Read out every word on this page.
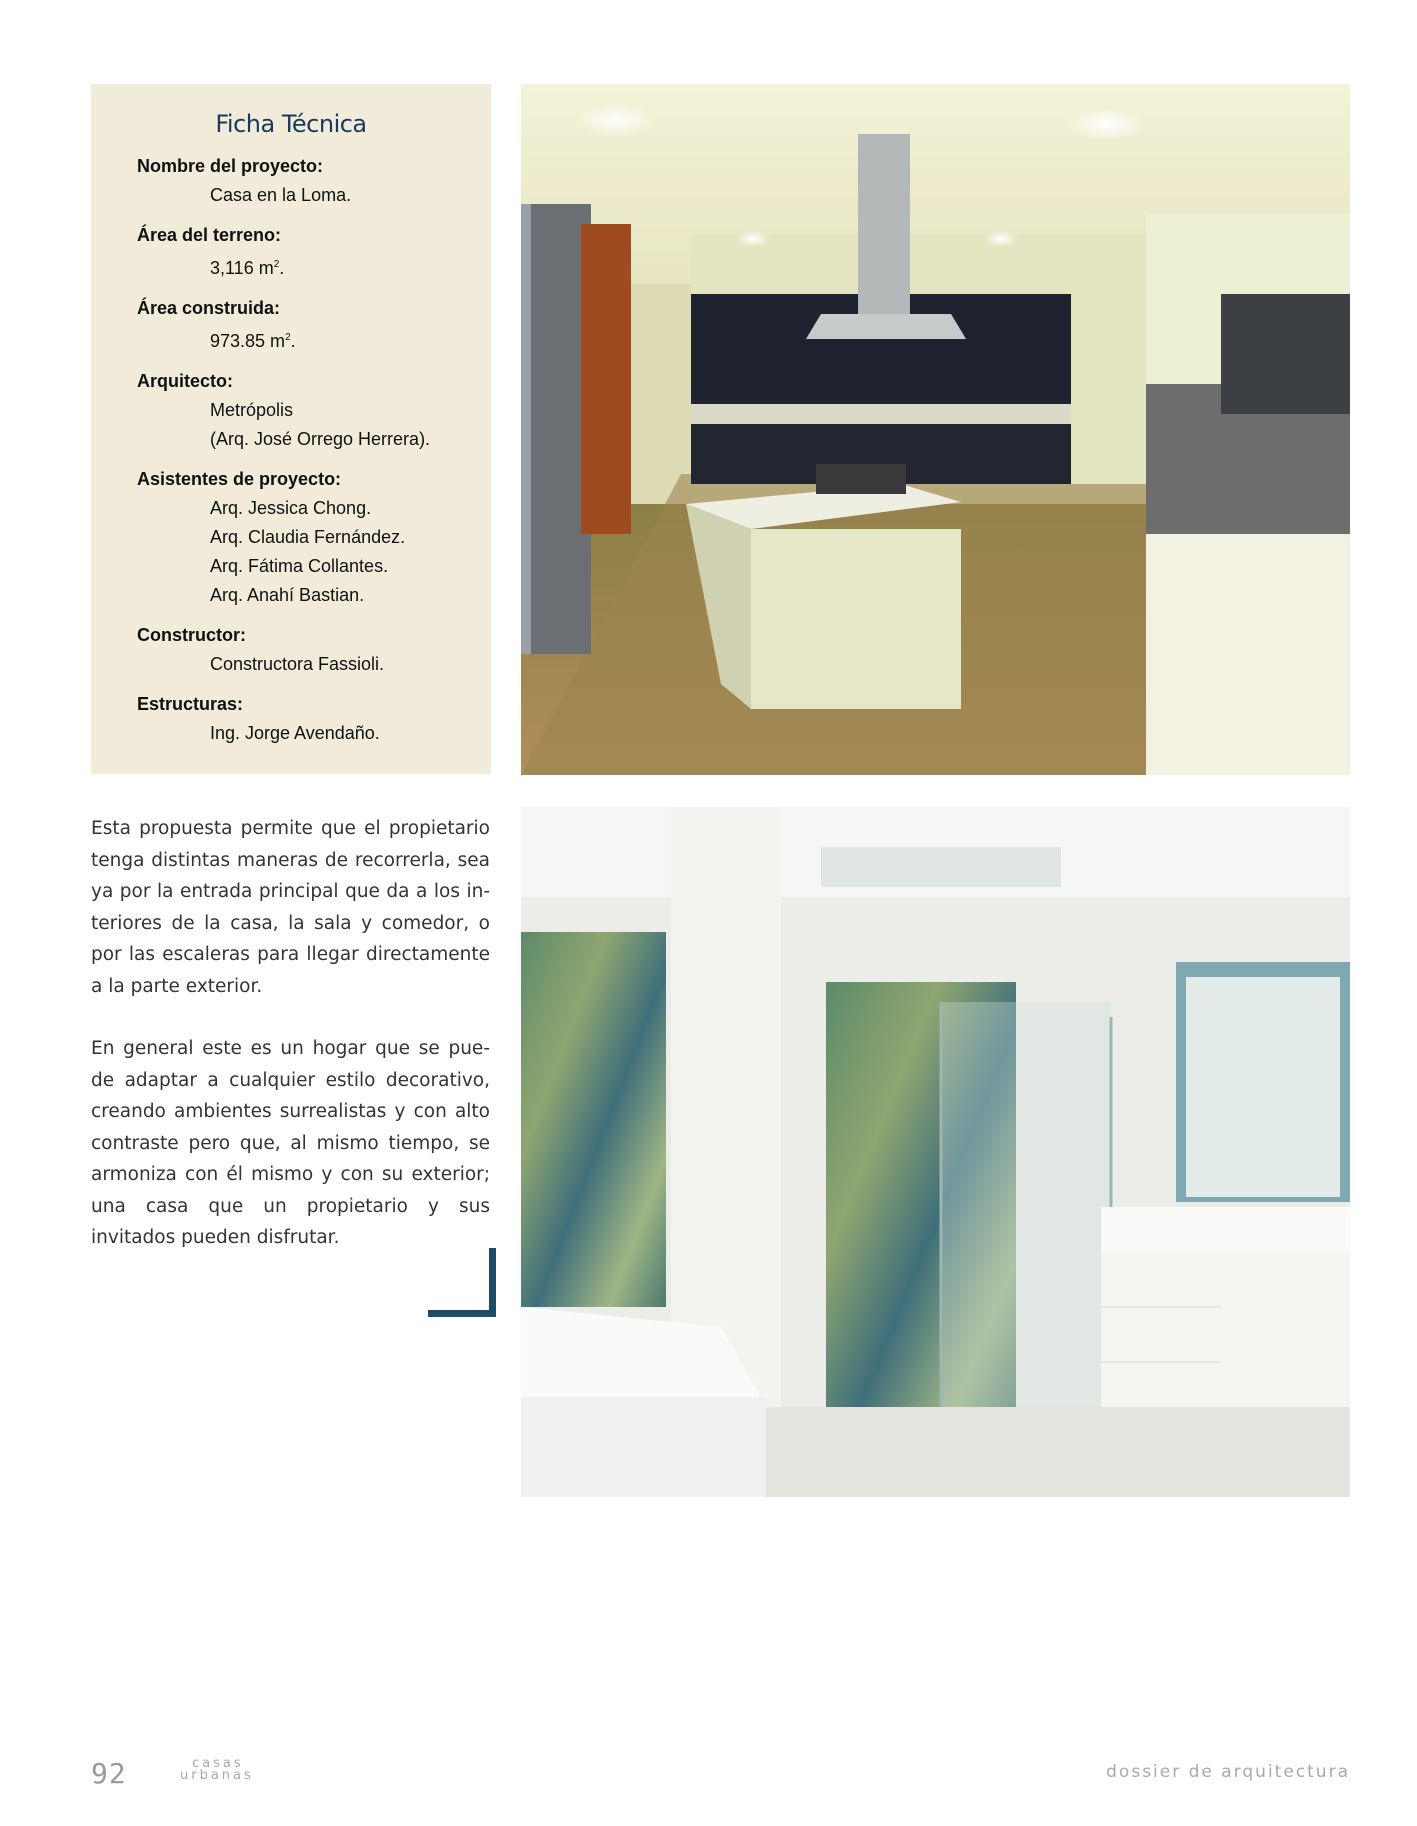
Ficha Técnica
Nombre del proyecto:
Casa en la Loma.
Área del terreno:
3,116 $m^2$.
Área construida:
973.85 $m^2$.
Arquitecto:
Metrópolis
(Arq. José Orrego Herrera).
Asistentes de proyecto:
Arq. Jessica Chong.
Arq. Claudia Fernández.
Arq. Fátima Collantes.
Arq. Anahí Bastian.
Constructor:
Constructora Fassioli.
Estructuras:
Ing. Jorge Avendaño.

Esta propuesta permite que el propietario tenga distintas maneras de recorrerla, sea ya por la entrada principal que da a los in-teriores de la casa, la sala y comedor, o por las escaleras para llegar directamente a la parte exterior.

En general este es un hogar que se pue-de adaptar a cualquier estilo decorativo, creando ambientes surrealistas y con alto contraste pero que, al mismo tiempo, se armoniza con él mismo y con su exterior; una casa que un propietario y sus invitados pueden disfrutar.

92	casas
urbanas	dossier de arquitectura
